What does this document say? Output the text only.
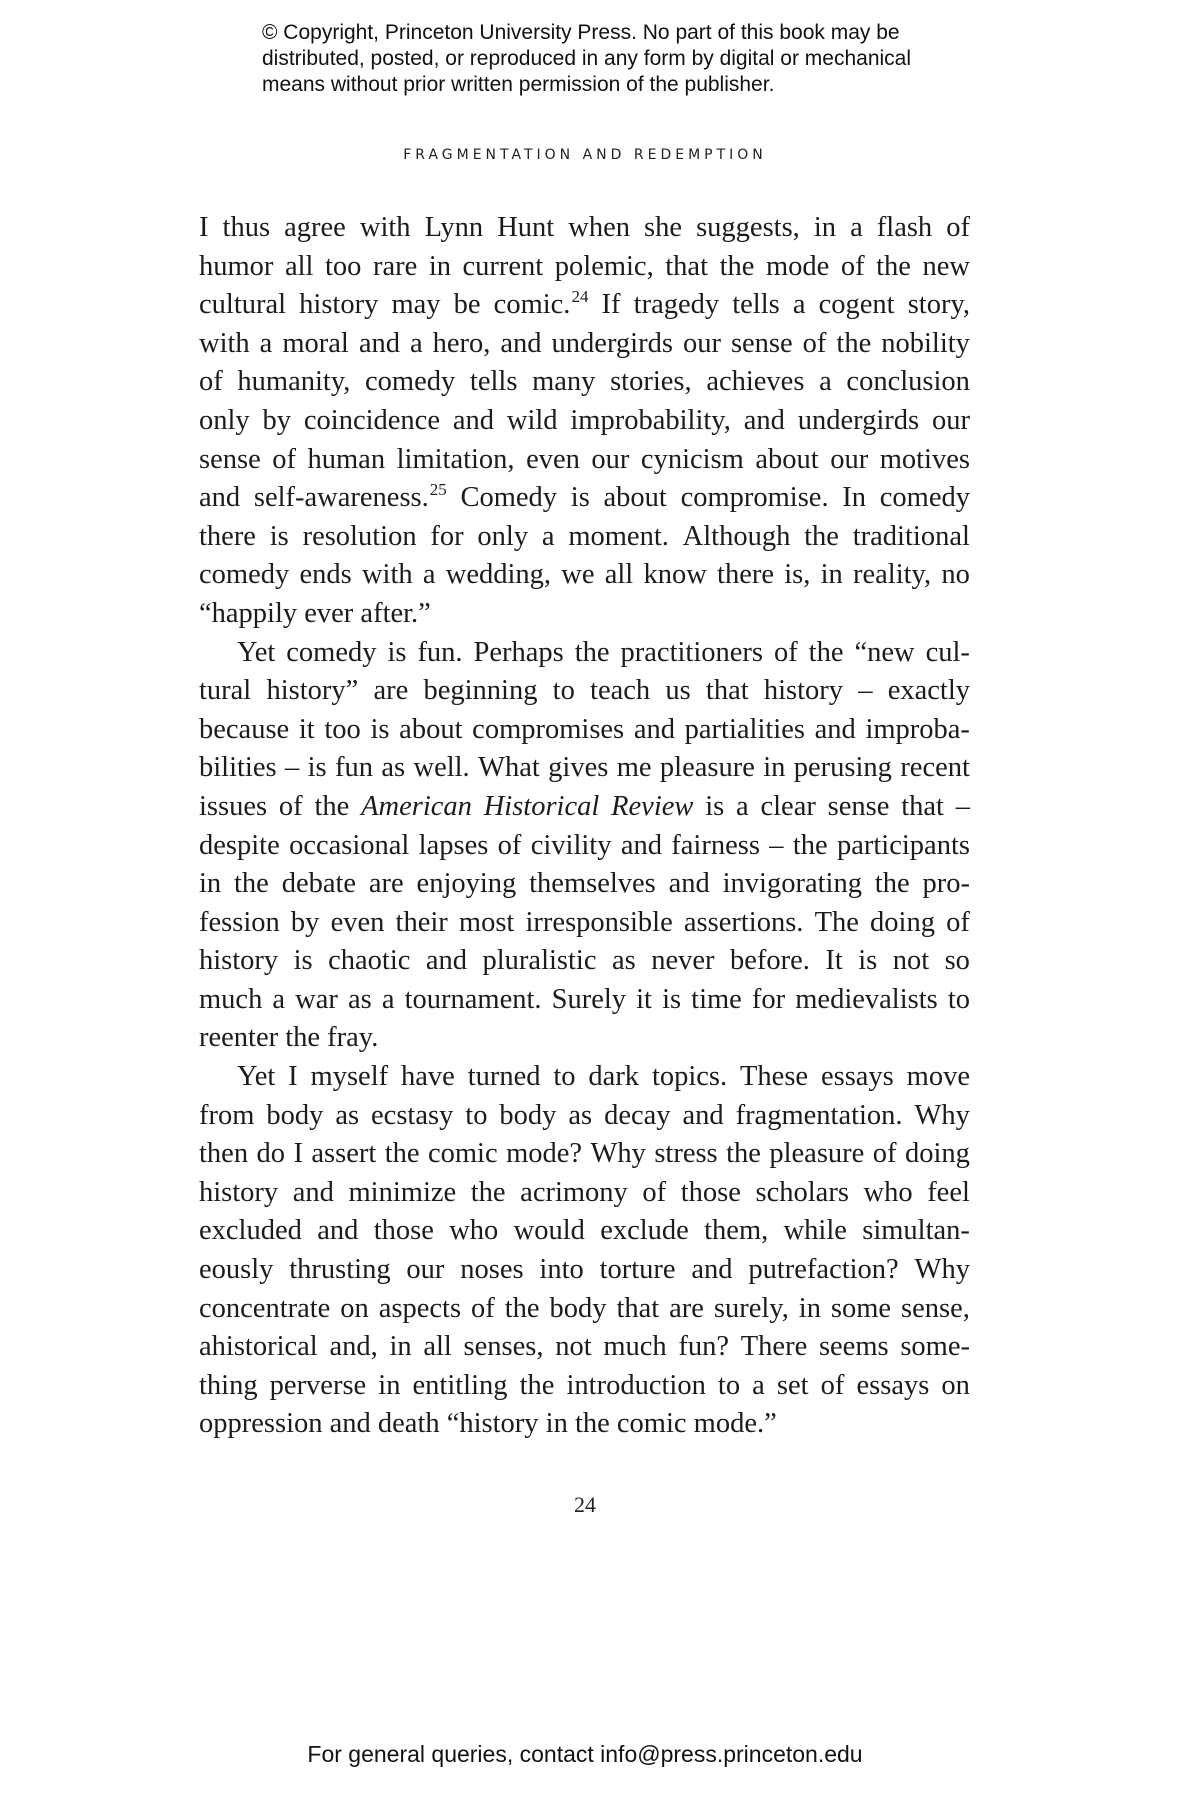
© Copyright, Princeton University Press. No part of this book may be
distributed, posted, or reproduced in any form by digital or mechanical
means without prior written permission of the publisher.
FRAGMENTATION AND REDEMPTION
I thus agree with Lynn Hunt when she suggests, in a flash of
humor all too rare in current polemic, that the mode of the new
cultural history may be comic.$^{24}$ If tragedy tells a cogent story,
with a moral and a hero, and undergirds our sense of the nobility
of humanity, comedy tells many stories, achieves a conclusion
only by coincidence and wild improbability, and undergirds our
sense of human limitation, even our cynicism about our motives
and self-awareness.$^{25}$ Comedy is about compromise. In comedy
there is resolution for only a moment. Although the traditional
comedy ends with a wedding, we all know there is, in reality, no
“happily ever after.”
Yet comedy is fun. Perhaps the practitioners of the “new cul-
tural history” are beginning to teach us that history – exactly
because it too is about compromises and partialities and improba-
bilities – is fun as well. What gives me pleasure in perusing recent
issues of the American Historical Review is a clear sense that –
despite occasional lapses of civility and fairness – the participants
in the debate are enjoying themselves and invigorating the pro-
fession by even their most irresponsible assertions. The doing of
history is chaotic and pluralistic as never before. It is not so
much a war as a tournament. Surely it is time for medievalists to
reenter the fray.
Yet I myself have turned to dark topics. These essays move
from body as ecstasy to body as decay and fragmentation. Why
then do I assert the comic mode? Why stress the pleasure of doing
history and minimize the acrimony of those scholars who feel
excluded and those who would exclude them, while simultan-
eously thrusting our noses into torture and putrefaction? Why
concentrate on aspects of the body that are surely, in some sense,
ahistorical and, in all senses, not much fun? There seems some-
thing perverse in entitling the introduction to a set of essays on
oppression and death “history in the comic mode.”
24
For general queries, contact info@press.princeton.edu
